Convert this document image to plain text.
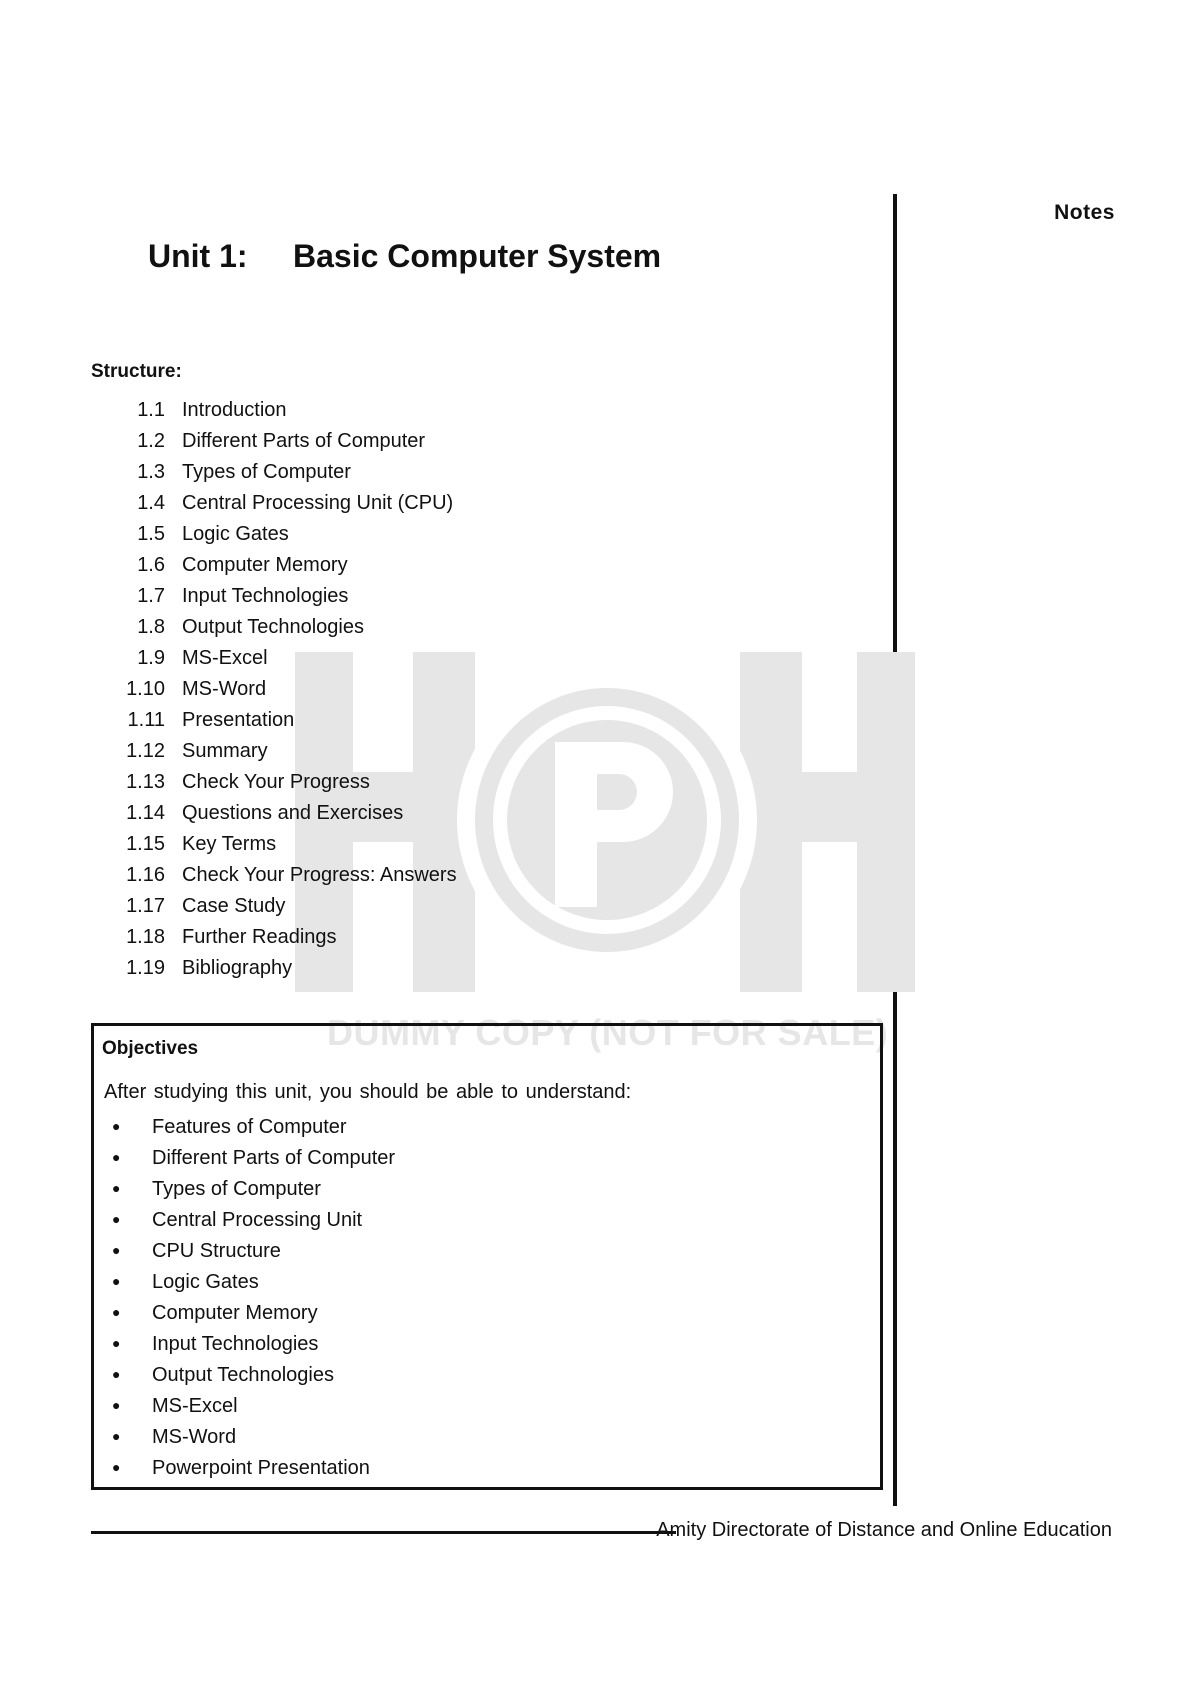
Notes
Unit 1: Basic Computer System
Structure:
1.1 Introduction
1.2 Different Parts of Computer
1.3 Types of Computer
1.4 Central Processing Unit (CPU)
1.5 Logic Gates
1.6 Computer Memory
1.7 Input Technologies
1.8 Output Technologies
1.9 MS-Excel
1.10 MS-Word
1.11 Presentation
1.12 Summary
1.13 Check Your Progress
1.14 Questions and Exercises
1.15 Key Terms
1.16 Check Your Progress: Answers
1.17 Case Study
1.18 Further Readings
1.19 Bibliography
DUMMY COPY (NOT FOR SALE)
Objectives
After studying this unit, you should be able to understand:
● Features of Computer
● Different Parts of Computer
● Types of Computer
● Central Processing Unit
● CPU Structure
● Logic Gates
● Computer Memory
● Input Technologies
● Output Technologies
● MS-Excel
● MS-Word
● Powerpoint Presentation
Amity Directorate of Distance and Online Education
